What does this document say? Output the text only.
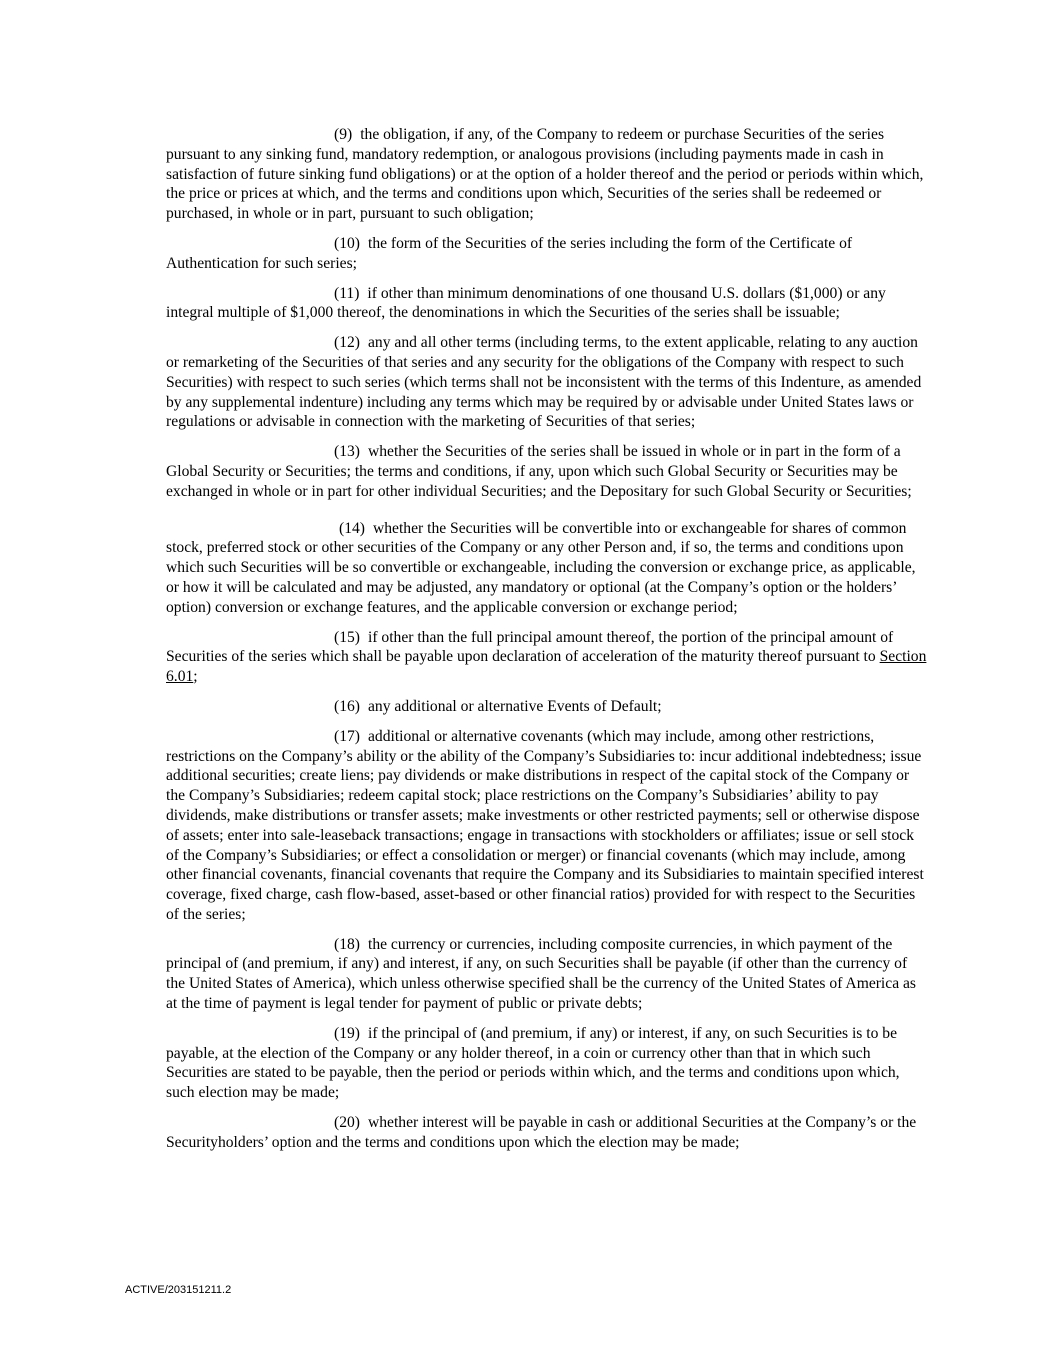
(9) the obligation, if any, of the Company to redeem or purchase Securities of the series pursuant to any sinking fund, mandatory redemption, or analogous provisions (including payments made in cash in satisfaction of future sinking fund obligations) or at the option of a holder thereof and the period or periods within which, the price or prices at which, and the terms and conditions upon which, Securities of the series shall be redeemed or purchased, in whole or in part, pursuant to such obligation;

(10) the form of the Securities of the series including the form of the Certificate of Authentication for such series;

(11) if other than minimum denominations of one thousand U.S. dollars ($1,000) or any integral multiple of $1,000 thereof, the denominations in which the Securities of the series shall be issuable;

(12) any and all other terms (including terms, to the extent applicable, relating to any auction or remarketing of the Securities of that series and any security for the obligations of the Company with respect to such Securities) with respect to such series (which terms shall not be inconsistent with the terms of this Indenture, as amended by any supplemental indenture) including any terms which may be required by or advisable under United States laws or regulations or advisable in connection with the marketing of Securities of that series;

(13) whether the Securities of the series shall be issued in whole or in part in the form of a Global Security or Securities; the terms and conditions, if any, upon which such Global Security or Securities may be exchanged in whole or in part for other individual Securities; and the Depositary for such Global Security or Securities;

(14) whether the Securities will be convertible into or exchangeable for shares of common stock, preferred stock or other securities of the Company or any other Person and, if so, the terms and conditions upon which such Securities will be so convertible or exchangeable, including the conversion or exchange price, as applicable, or how it will be calculated and may be adjusted, any mandatory or optional (at the Company’s option or the holders’ option) conversion or exchange features, and the applicable conversion or exchange period;

(15) if other than the full principal amount thereof, the portion of the principal amount of Securities of the series which shall be payable upon declaration of acceleration of the maturity thereof pursuant to Section 6.01;

(16) any additional or alternative Events of Default;

(17) additional or alternative covenants (which may include, among other restrictions, restrictions on the Company’s ability or the ability of the Company’s Subsidiaries to: incur additional indebtedness; issue additional securities; create liens; pay dividends or make distributions in respect of the capital stock of the Company or the Company’s Subsidiaries; redeem capital stock; place restrictions on the Company’s Subsidiaries’ ability to pay dividends, make distributions or transfer assets; make investments or other restricted payments; sell or otherwise dispose of assets; enter into sale-leaseback transactions; engage in transactions with stockholders or affiliates; issue or sell stock of the Company’s Subsidiaries; or effect a consolidation or merger) or financial covenants (which may include, among other financial covenants, financial covenants that require the Company and its Subsidiaries to maintain specified interest coverage, fixed charge, cash flow-based, asset-based or other financial ratios) provided for with respect to the Securities of the series;

(18) the currency or currencies, including composite currencies, in which payment of the principal of (and premium, if any) and interest, if any, on such Securities shall be payable (if other than the currency of the United States of America), which unless otherwise specified shall be the currency of the United States of America as at the time of payment is legal tender for payment of public or private debts;

(19) if the principal of (and premium, if any) or interest, if any, on such Securities is to be payable, at the election of the Company or any holder thereof, in a coin or currency other than that in which such Securities are stated to be payable, then the period or periods within which, and the terms and conditions upon which, such election may be made;

(20) whether interest will be payable in cash or additional Securities at the Company’s or the Securityholders’ option and the terms and conditions upon which the election may be made;

ACTIVE/203151211.2
